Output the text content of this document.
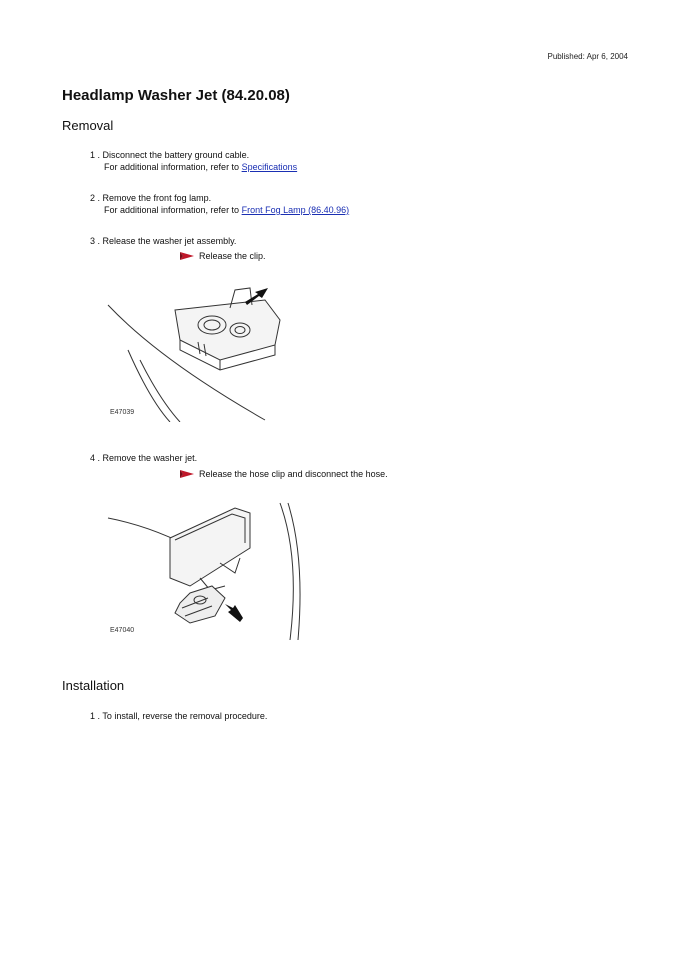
Published: Apr 6, 2004
Headlamp Washer Jet (84.20.08)
Removal
1 . Disconnect the battery ground cable.
For additional information, refer to Specifications
2 . Remove the front fog lamp.
For additional information, refer to Front Fog Lamp (86.40.96)
3 . Release the washer jet assembly.
Release the clip.
E47039
4 . Remove the washer jet.
Release the hose clip and disconnect the hose.
E47040
Installation
1 . To install, reverse the removal procedure.
